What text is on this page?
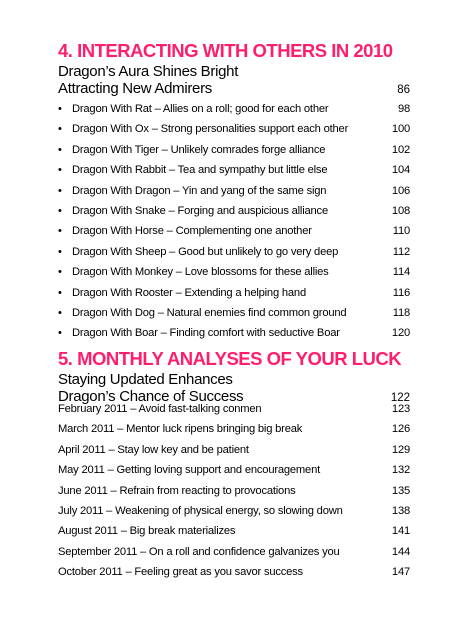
4. INTERACTING WITH OTHERS IN 2010
Dragon’s Aura Shines Bright
Attracting New Admirers	86
• Dragon With Rat – Allies on a roll; good for each other	98
• Dragon With Ox – Strong personalities support each other	100
• Dragon With Tiger – Unlikely comrades forge alliance	102
• Dragon With Rabbit – Tea and sympathy but little else	104
• Dragon With Dragon – Yin and yang of the same sign	106
• Dragon With Snake – Forging and auspicious alliance	108
• Dragon With Horse – Complementing one another	110
• Dragon With Sheep – Good but unlikely to go very deep	112
• Dragon With Monkey – Love blossoms for these allies	114
• Dragon With Rooster – Extending a helping hand	116
• Dragon With Dog – Natural enemies find common ground	118
• Dragon With Boar – Finding comfort with seductive Boar	120
5. MONTHLY ANALYSES OF YOUR LUCK
Staying Updated Enhances
Dragon’s Chance of Success	122
February 2011 – Avoid fast-talking conmen	123
March 2011 – Mentor luck ripens bringing big break	126
April 2011 – Stay low key and be patient	129
May 2011 – Getting loving support and encouragement	132
June 2011 – Refrain from reacting to provocations	135
July 2011 – Weakening of physical energy, so slowing down	138
August 2011 – Big break materializes	141
September 2011 – On a roll and confidence galvanizes you	144
October 2011 – Feeling great as you savor success	147
